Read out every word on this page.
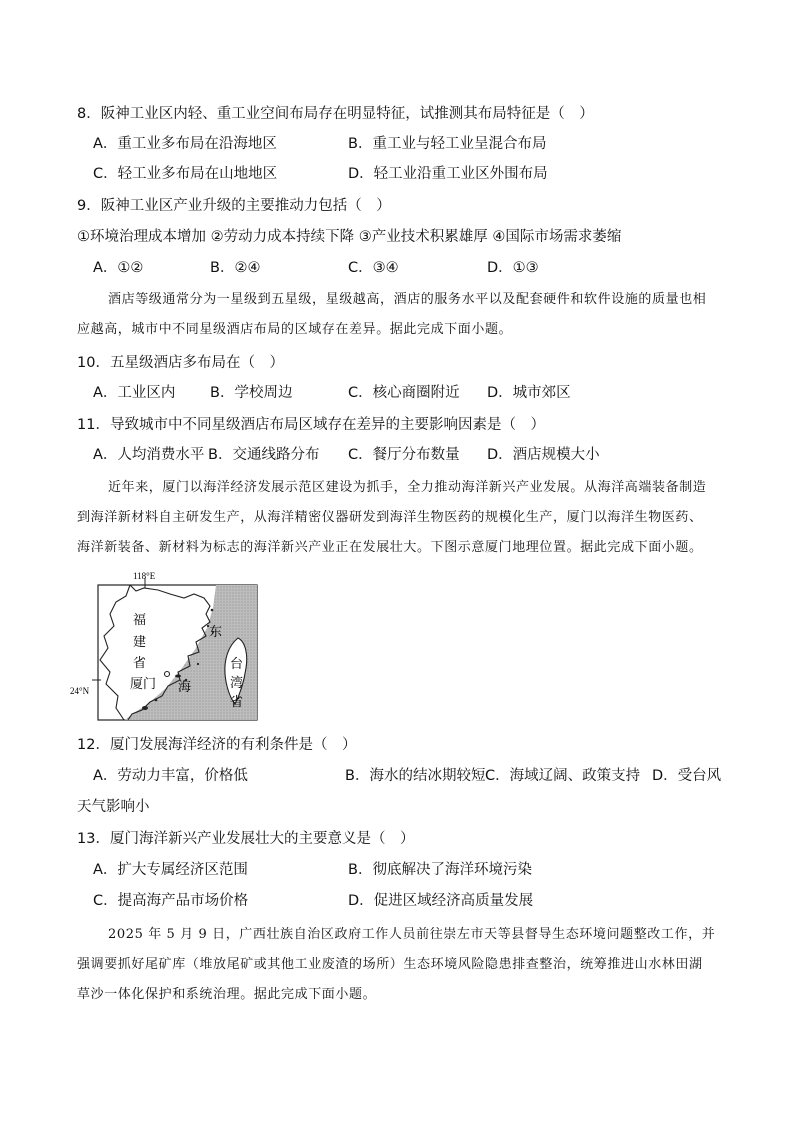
8．阪神工业区内轻、重工业空间布局存在明显特征，试推测其布局特征是（　）
A．重工业多布局在沿海地区	B．重工业与轻工业呈混合布局
C．轻工业多布局在山地地区	D．轻工业沿重工业区外围布局
9．阪神工业区产业升级的主要推动力包括（　）
①环境治理成本增加 ②劳动力成本持续下降 ③产业技术积累雄厚 ④国际市场需求萎缩
A．①②	B．②④	C．③④	D．①③
酒店等级通常分为一星级到五星级，星级越高，酒店的服务水平以及配套硬件和软件设施的质量也相
应越高，城市中不同星级酒店布局的区域存在差异。据此完成下面小题。
10．五星级酒店多布局在（　）
A．工业区内 B．学校周边	C．核心商圈附近 D．城市郊区
11．导致城市中不同星级酒店布局区域存在差异的主要影响因素是（　）
A．人均消费水平 B．交通线路分布 C．餐厅分布数量 D．酒店规模大小
近年来，厦门以海洋经济发展示范区建设为抓手，全力推动海洋新兴产业发展。从海洋高端装备制造
到海洋新材料自主研发生产，从海洋精密仪器研发到海洋生物医药的规模化生产，厦门以海洋生物医药、
海洋新装备、新材料为标志的海洋新兴产业正在发展壮大。下图示意厦门地理位置。据此完成下面小题。
118°E
24°N
福
建
省
厦门
东
海
台
湾
省
12．厦门发展海洋经济的有利条件是（　）
A．劳动力丰富，价格低	B．海水的结冰期较短 C．海域辽阔、政策支持 D．受台风
天气影响小
13．厦门海洋新兴产业发展壮大的主要意义是（　）
A．扩大专属经济区范围	B．彻底解决了海洋环境污染
C．提高海产品市场价格	D．促进区域经济高质量发展
2025 年 5 月 9 日，广西壮族自治区政府工作人员前往崇左市天等县督导生态环境问题整改工作，并
强调要抓好尾矿库（堆放尾矿或其他工业废渣的场所）生态环境风险隐患排查整治，统筹推进山水林田湖
草沙一体化保护和系统治理。据此完成下面小题。
